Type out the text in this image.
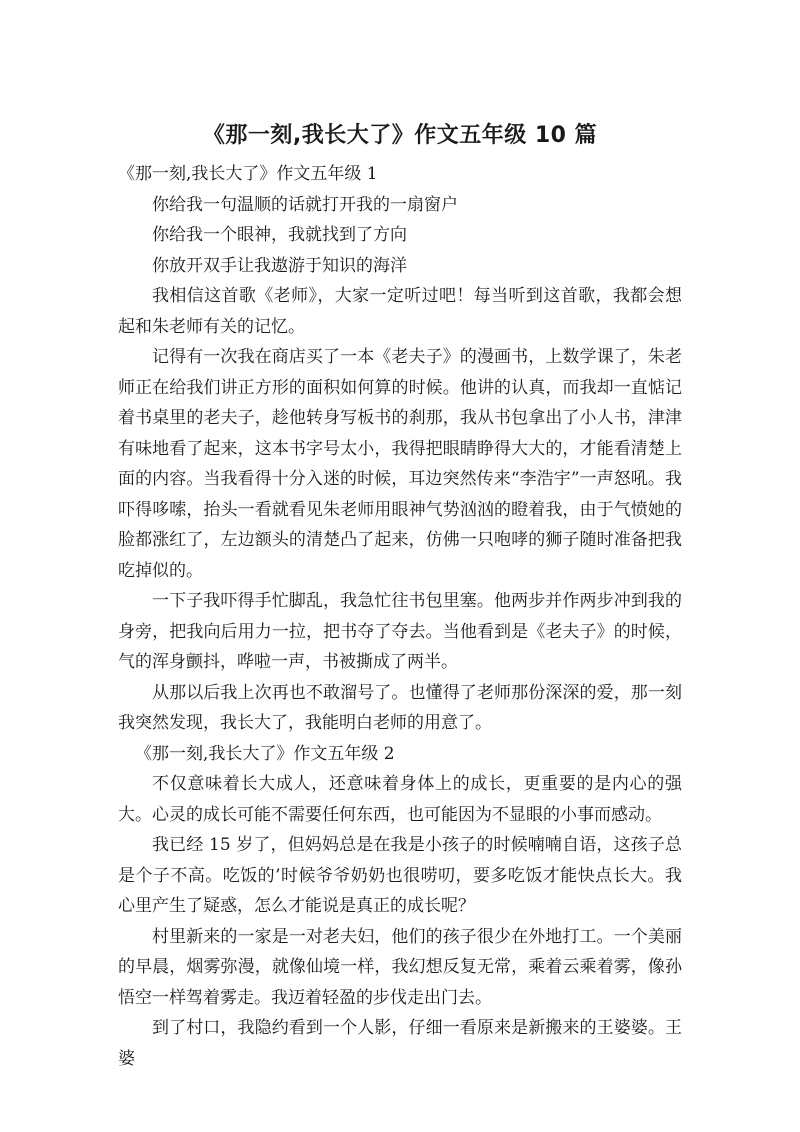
《那一刻,我长大了》作文五年级 10 篇

《那一刻,我长大了》作文五年级 1

你给我一句温顺的话就打开我的一扇窗户

你给我一个眼神，我就找到了方向

你放开双手让我遨游于知识的海洋

我相信这首歌《老师》，大家一定听过吧！每当听到这首歌，我都会想起和朱老师有关的记忆。

记得有一次我在商店买了一本《老夫子》的漫画书，上数学课了，朱老师正在给我们讲正方形的面积如何算的时候。他讲的认真，而我却一直惦记着书桌里的老夫子，趁他转身写板书的刹那，我从书包拿出了小人书，津津有味地看了起来，这本书字号太小，我得把眼睛睁得大大的，才能看清楚上面的内容。当我看得十分入迷的时候，耳边突然传来“李浩宇”一声怒吼。我吓得哆嗦，抬头一看就看见朱老师用眼神气势汹汹的瞪着我，由于气愤她的脸都涨红了，左边额头的清楚凸了起来，仿佛一只咆哮的狮子随时准备把我吃掉似的。

一下子我吓得手忙脚乱，我急忙往书包里塞。他两步并作两步冲到我的身旁，把我向后用力一拉，把书夺了夺去。当他看到是《老夫子》的时候，气的浑身颤抖，哗啦一声，书被撕成了两半。

从那以后我上次再也不敢溜号了。也懂得了老师那份深深的爱，那一刻我突然发现，我长大了，我能明白老师的用意了。

《那一刻,我长大了》作文五年级 2

不仅意味着长大成人，还意味着身体上的成长，更重要的是内心的强大。心灵的成长可能不需要任何东西，也可能因为不显眼的小事而感动。

我已经 15 岁了，但妈妈总是在我是小孩子的时候喃喃自语，这孩子总是个子不高。吃饭的’时候爷爷奶奶也很唠叨，要多吃饭才能快点长大。我心里产生了疑惑，怎么才能说是真正的成长呢？

村里新来的一家是一对老夫妇，他们的孩子很少在外地打工。一个美丽的早晨，烟雾弥漫，就像仙境一样，我幻想反复无常，乘着云乘着雾，像孙悟空一样驾着雾走。我迈着轻盈的步伐走出门去。

到了村口，我隐约看到一个人影，仔细一看原来是新搬来的王婆婆。王婆
